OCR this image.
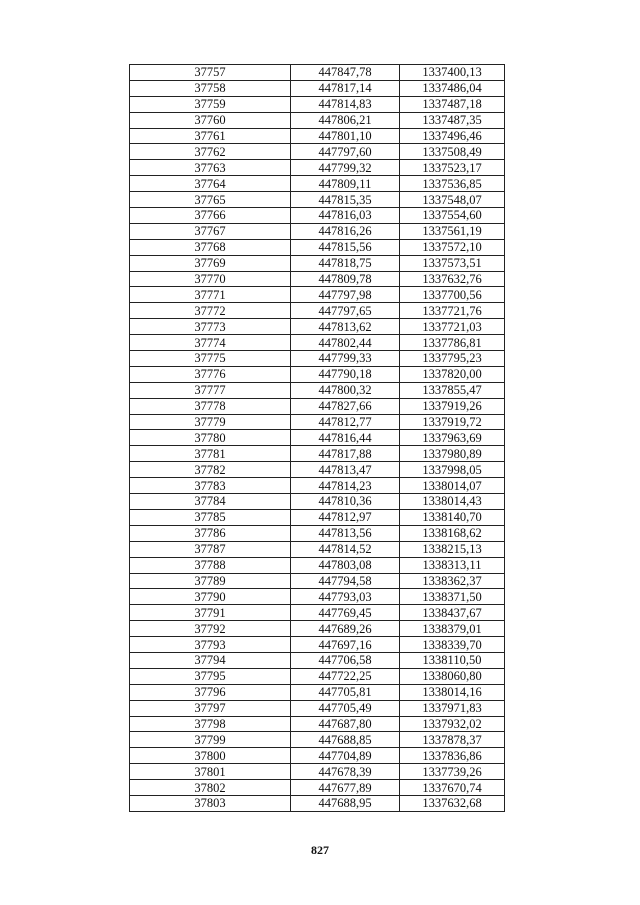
37757	447847,78	1337400,13
37758	447817,14	1337486,04
37759	447814,83	1337487,18
37760	447806,21	1337487,35
37761	447801,10	1337496,46
37762	447797,60	1337508,49
37763	447799,32	1337523,17
37764	447809,11	1337536,85
37765	447815,35	1337548,07
37766	447816,03	1337554,60
37767	447816,26	1337561,19
37768	447815,56	1337572,10
37769	447818,75	1337573,51
37770	447809,78	1337632,76
37771	447797,98	1337700,56
37772	447797,65	1337721,76
37773	447813,62	1337721,03
37774	447802,44	1337786,81
37775	447799,33	1337795,23
37776	447790,18	1337820,00
37777	447800,32	1337855,47
37778	447827,66	1337919,26
37779	447812,77	1337919,72
37780	447816,44	1337963,69
37781	447817,88	1337980,89
37782	447813,47	1337998,05
37783	447814,23	1338014,07
37784	447810,36	1338014,43
37785	447812,97	1338140,70
37786	447813,56	1338168,62
37787	447814,52	1338215,13
37788	447803,08	1338313,11
37789	447794,58	1338362,37
37790	447793,03	1338371,50
37791	447769,45	1338437,67
37792	447689,26	1338379,01
37793	447697,16	1338339,70
37794	447706,58	1338110,50
37795	447722,25	1338060,80
37796	447705,81	1338014,16
37797	447705,49	1337971,83
37798	447687,80	1337932,02
37799	447688,85	1337878,37
37800	447704,89	1337836,86
37801	447678,39	1337739,26
37802	447677,89	1337670,74
37803	447688,95	1337632,68
827
